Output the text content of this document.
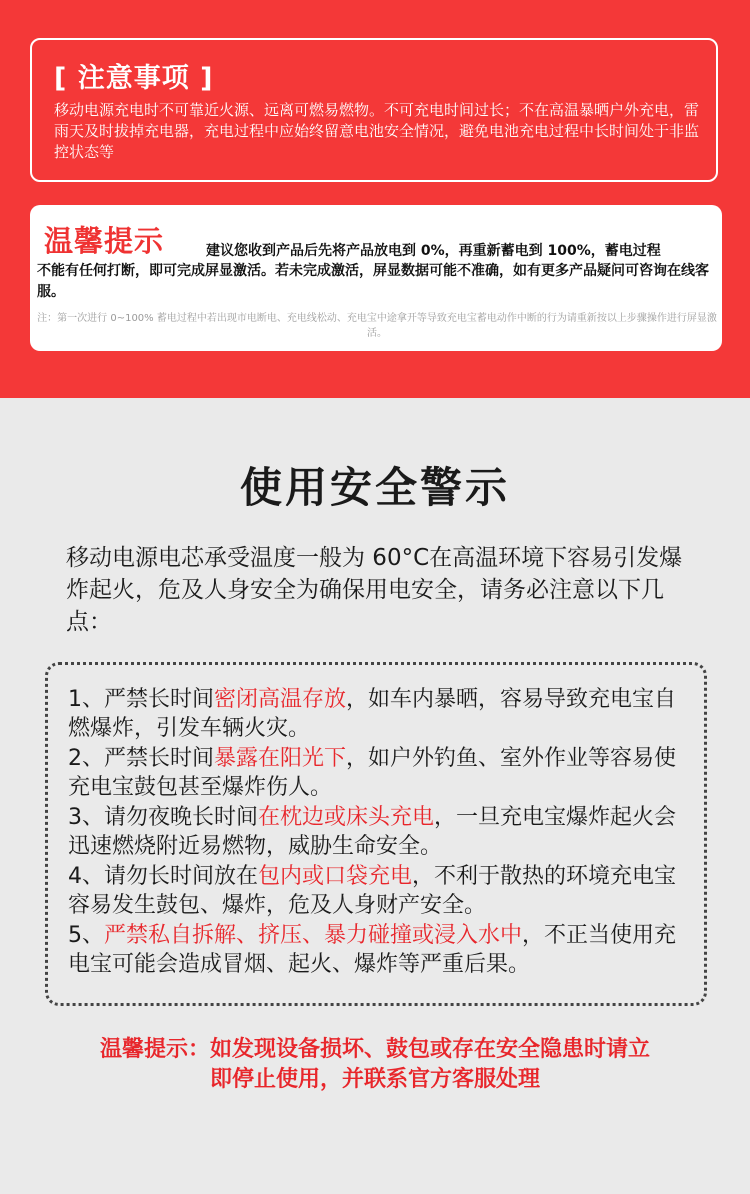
[ 注意事项 ]
移动电源充电时不可靠近火源、远离可燃易燃物。不可充电时间过长；不在高温暴晒户外充电，雷雨天及时拔掉充电器，充电过程中应始终留意电池安全情况，避免电池充电过程中长时间处于非监控状态等
温馨提示	建议您收到产品后先将产品放电到 0%，再重新蓄电到 100%，蓄电过程
不能有任何打断，即可完成屏显激活。若未完成激活，屏显数据可能不准确，如有更多产品疑问可咨询在线客服。
注：第一次进行 0~100% 蓄电过程中若出现市电断电、充电线松动、充电宝中途拿开等导致充电宝蓄电动作中断的行为请重新按以上步骤操作进行屏显激活。
使用安全警示
移动电源电芯承受温度一般为 60°C在高温环境下容易引发爆炸起火，危及人身安全为确保用电安全，请务必注意以下几点：
1、严禁长时间密闭高温存放，如车内暴晒，容易导致充电宝自燃爆炸，引发车辆火灾。
2、严禁长时间暴露在阳光下，如户外钓鱼、室外作业等容易使充电宝鼓包甚至爆炸伤人。
3、请勿夜晚长时间在枕边或床头充电，一旦充电宝爆炸起火会迅速燃烧附近易燃物，威胁生命安全。
4、请勿长时间放在包内或口袋充电，不利于散热的环境充电宝容易发生鼓包、爆炸，危及人身财产安全。
5、严禁私自拆解、挤压、暴力碰撞或浸入水中，不正当使用充电宝可能会造成冒烟、起火、爆炸等严重后果。
温馨提示：如发现设备损坏、鼓包或存在安全隐患时请立
即停止使用，并联系官方客服处理
